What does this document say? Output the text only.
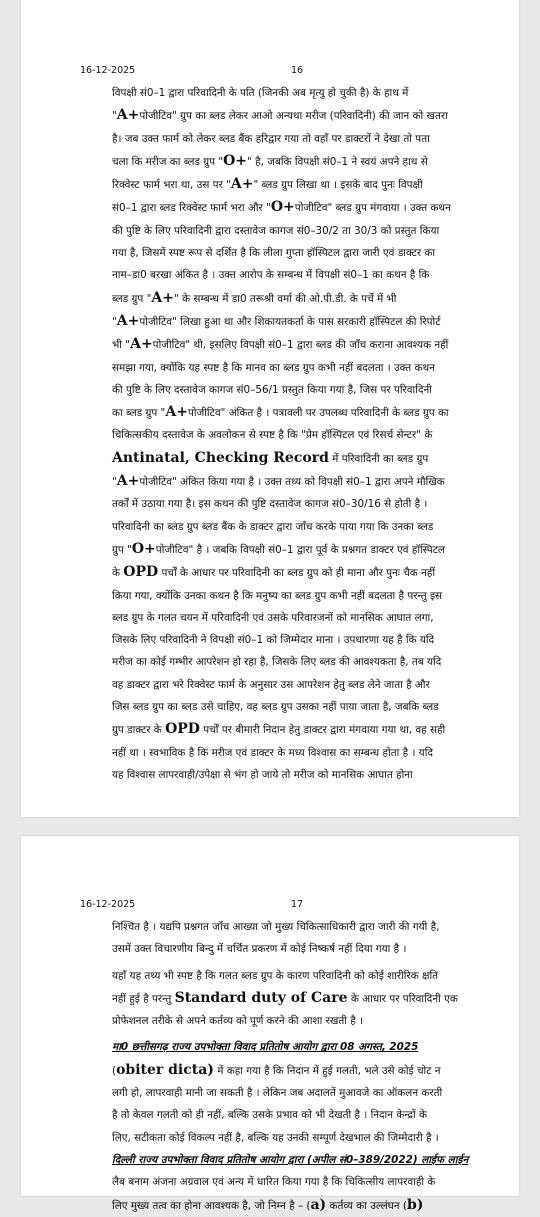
16-12-2025	16

विपक्षी सं0–1 द्वारा परिवादिनी के पति (जिनकी अब मृत्यु हो चुकी है) के हाथ में

"A+पोजीटिव" ग्रुप का ब्लड लेकर आओ अन्यथा मरीज (परिवादिनी) की जान को खतरा

है। जब उक्त फार्म को लेकर ब्लड बैंक हरिद्वार गया तो वहॉं पर डाक्टरों ने देखा तो पता

चला कि मरीज का ब्लड ग्रुप "O+" है, जबकि विपक्षी सं0–1 ने स्वयं अपने हाथ से

रिक्वेस्ट फार्म भरा था, उस पर "A+" ब्लड ग्रुप लिखा था । इसके बाद पुनः विपक्षी

सं0–1 द्वारा ब्लड रिक्वेस्ट फार्म भरा और "O+पोजीटिव" ब्लड ग्रुप मंगवाया । उक्त कथन

की पुष्टि के लिए परिवादिनी द्वारा दस्तावेज कागज सं0–30/2 ता 30/3 को प्रस्तुत किया

गया है, जिसमें स्पष्ट रूप से दर्शित है कि लीला गुप्ता हॉस्पिटल द्वारा जारी एवं डाक्टर का

नाम–डा0 बरखा अंकित है । उक्त आरोप के सम्बन्ध में विपक्षी सं0–1 का कथन है कि

ब्लड ग्रुप "A+" के सम्बन्ध में डा0 तरूश्री वर्मा की ओ.पी.डी. के पर्चे में भी

"A+पोजीटिव" लिखा हुआ था और शिकायतकर्ता के पास सरकारी हॉस्पिटल की रिपोर्ट

भी "A+पोजीटिव" थी, इसलिए विपक्षी सं0–1 द्वारा ब्लड की जॉंच कराना आवश्यक नहीं

समझा गया, क्योंकि यह स्पष्ट है कि मानव का ब्लड ग्रुप कभी नहीं बदलता । उक्त कथन

की पुष्टि के लिए दस्तावेज कागज सं0–56/1 प्रस्तुत किया गया है, जिस पर परिवादिनी

का ब्लड ग्रुप "A+पोजीटिव" अंकित है । पत्रावली पर उपलब्ध परिवादिनी के ब्लड ग्रुप का

चिकित्सकीय दस्तावेज के अवलोकन से स्पष्ट है कि "प्रेम हॉस्पिटल एवं रिसर्च सेन्टर" के

Antinatal, Checking Record में परिवादिनी का ब्लड ग्रुप

"A+पोजीटिव" अंकित किया गया है । उक्त तथ्य को विपक्षी सं0–1 द्वारा अपने मौखिक

तर्कों में उठाया गया है। इस कथन की पुष्टि दस्तावेज कागज सं0–30/16 से होती है ।

परिवादिनी का ब्लड ग्रुप ब्लड बैंक के डाक्टर द्वारा जॉंच करके पाया गया कि उनका ब्लड

ग्रुप "O+पोजीटिव" है । जबकि विपक्षी सं0–1 द्वारा पूर्व के प्रश्नगत डाक्टर एवं हॉस्पिटल

के OPD पर्चों के आधार पर परिवादिनी का ब्लड ग्रुप को ही माना और पुनः चैक नहीं

किया गया, क्योंकि उनका कथन है कि मनुष्य का ब्लड ग्रुप कभी नहीं बदलता है परन्तु इस

ब्लड ग्रुप के गलत चयन में परिवादिनी एवं उसके परिवारजनों को मानसिक आघात लगा,

जिसके लिए परिवादिनी ने विपक्षी सं0–1 को जिम्मेदार माना । उपधारणा यह है कि यदि

मरीज का कोई गम्भीर आपरेशन हो रहा है, जिसके लिए ब्लड की आवश्यकता है, तब यदि

वह डाक्टर द्वारा भरे रिक्वेस्ट फार्म के अनुसार उस आपरेशन हेतु ब्लड लेने जाता है और

जिस ब्लड ग्रुप का ब्लड उसे चाहिए, वह ब्लड ग्रुप उसका नहीं पाया जाता है, जबकि ब्लड

ग्रुप डाक्टर के OPD पर्चों पर बीमारी निदान हेतु डाक्टर द्वारा मंगवाया गया था, वह सही

नहीं था । स्वभाविक है कि मरीज एवं डाक्टर के मध्य विश्वास का सम्बन्ध होता है । यदि

यह विश्वास लापरवाही/उपेक्षा से भंग हो जाये तो मरीज को मानसिक आघात होना

16-12-2025	17

निश्चित है । यद्यपि प्रश्नगत जॉंच आख्या जो मुख्य चिकित्साधिकारी द्वारा जारी की गयी है,

उसमें उक्त विचारणीय बिन्दु में चर्चित प्रकरण में कोई निष्कर्ष नहीं दिया गया है ।

यहॉं यह तथ्य भी स्पष्ट है कि गलत ब्लड ग्रुप के कारण परिवादिनी को कोई शारीरिक क्षति

नहीं हुई है परन्तु Standard duty of Care के आधार पर परिवादिनी एक

प्रोफेशनल तरीके से अपने कर्तव्य को पूर्ण करने की आशा रखती है ।

मा0 छत्तीसगढ़ राज्य उपभोक्ता विवाद प्रतितोष आयोग द्वारा 08 अगस्त, 2025

(obiter dicta) में कहा गया है कि निदान में हुई गलती, भले उसे कोई चोट न

लगी हो, लापरवाही मानी जा सकती है । लेकिन जब अदालतें मुआवजे का ऑकलन करती

है तो केवल गलती को ही नहीं, बल्कि उसके प्रभाव को भी देखती है । निदान केन्द्रों के

लिए, सटीकता कोई विकल्प नहीं है, बल्कि यह उनकी सम्पूर्ण देखभाल की जिम्मेदारी है ।

दिल्ली राज्य उपभोक्ता विवाद प्रतितोष आयोग द्वारा (अपील सं0–389/2022) लाईफ लाईन

लैब बनाम अंजना अग्रवाल एवं अन्य में धारित किया गया है कि चिकित्सीय लापरवाही के

लिए मुख्य तत्व का होना आवश्यक है, जो निम्न है – (a) कर्तव्य का उल्लंघन (b)
